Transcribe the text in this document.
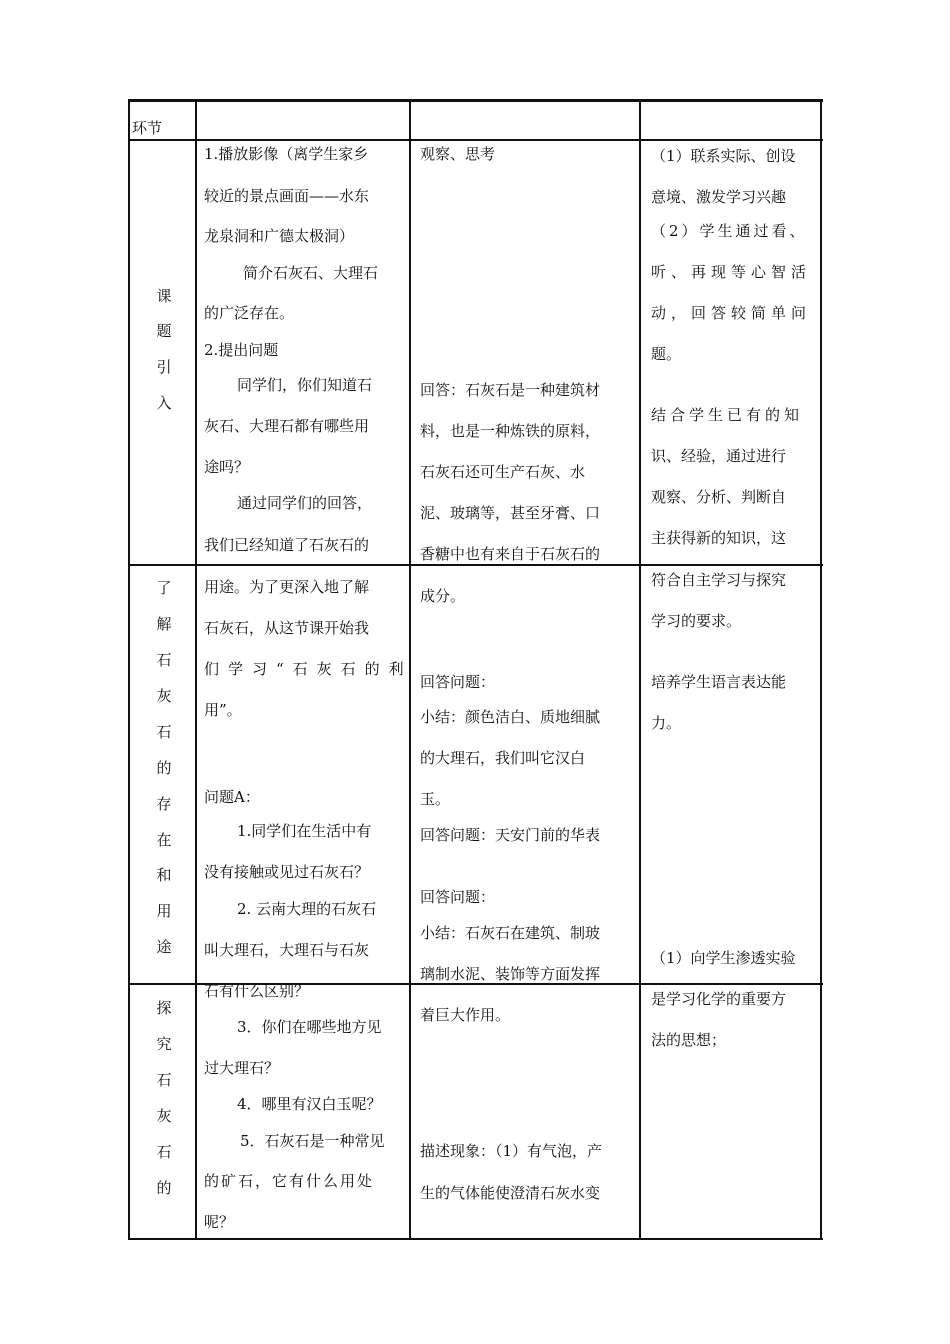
环节
课
题
引
入
了
解
石
灰
石
的
存
在
和
用
途
探
究
石
灰
石
的
1.播放影像（离学生家乡
较近的景点画面——水东
龙泉洞和广德太极洞）
简介石灰石、大理石
的广泛存在。
2.提出问题
同学们，你们知道石
灰石、大理石都有哪些用
途吗？
通过同学们的回答，
我们已经知道了石灰石的
用途。为了更深入地了解
石灰石，从这节课开始我
们学习“石灰石的利
用”。
问题A：
1.同学们在生活中有
没有接触或见过石灰石？
2. 云南大理的石灰石
叫大理石，大理石与石灰
石有什么区别？
3．你们在哪些地方见
过大理石？
4．哪里有汉白玉呢？
5．石灰石是一种常见
的矿石，它有什么用处
呢？
观察、思考
回答：石灰石是一种建筑材
料，也是一种炼铁的原料，
石灰石还可生产石灰、水
泥、玻璃等，甚至牙膏、口
香糖中也有来自于石灰石的
成分。
回答问题：
小结：颜色洁白、质地细腻
的大理石，我们叫它汉白
玉。
回答问题：天安门前的华表
回答问题：
小结：石灰石在建筑、制玻
璃制水泥、装饰等方面发挥
着巨大作用。
描述现象：（1）有气泡，产
生的气体能使澄清石灰水变
（1）联系实际、创设
意境、激发学习兴趣
（2）学生通过看、
听、再现等心智活
动，回答较简单问
题。
结合学生已有的知
识、经验，通过进行
观察、分析、判断自
主获得新的知识，这
符合自主学习与探究
学习的要求。
培养学生语言表达能
力。
（1）向学生渗透实验
是学习化学的重要方
法的思想；
